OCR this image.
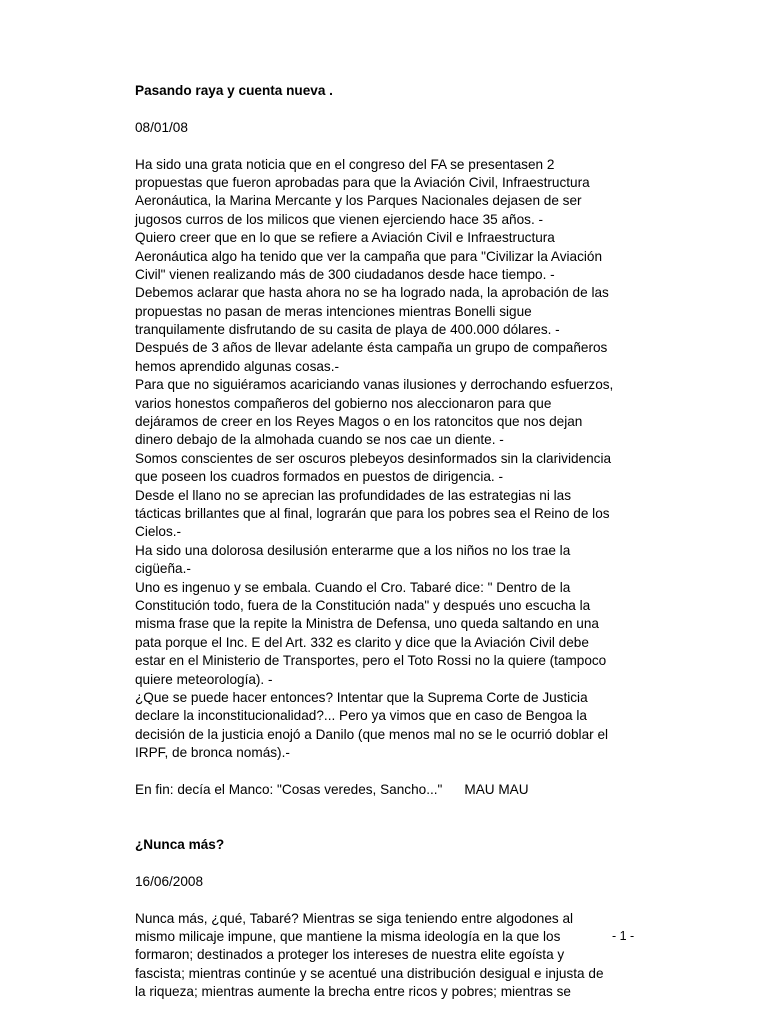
Pasando raya y cuenta nueva .
08/01/08
Ha sido una grata noticia que en el congreso del FA se presentasen 2
propuestas que fueron aprobadas para que la Aviación Civil, Infraestructura
Aeronáutica, la Marina Mercante y los Parques Nacionales dejasen de ser
jugosos curros de los milicos que vienen ejerciendo hace 35 años. -
Quiero creer que en lo que se refiere a Aviación Civil e Infraestructura
Aeronáutica algo ha tenido que ver la campaña que para "Civilizar la Aviación
Civil" vienen realizando más de 300 ciudadanos desde hace tiempo. -
Debemos aclarar que hasta ahora no se ha logrado nada, la aprobación de las
propuestas no pasan de meras intenciones mientras Bonelli sigue
tranquilamente disfrutando de su casita de playa de 400.000 dólares. -
Después de 3 años de llevar adelante ésta campaña un grupo de compañeros
hemos aprendido algunas cosas.-
Para que no siguiéramos acariciando vanas ilusiones y derrochando esfuerzos,
varios honestos compañeros del gobierno nos aleccionaron para que
dejáramos de creer en los Reyes Magos o en los ratoncitos que nos dejan
dinero debajo de la almohada cuando se nos cae un diente. -
Somos conscientes de ser oscuros plebeyos desinformados sin la clarividencia
que poseen los cuadros formados en puestos de dirigencia. -
Desde el llano no se aprecian las profundidades de las estrategias ni las
tácticas brillantes que al final, lograrán que para los pobres sea el Reino de los
Cielos.-
Ha sido una dolorosa desilusión enterarme que a los niños no los trae la
cigüeña.-
Uno es ingenuo y se embala. Cuando el Cro. Tabaré dice: " Dentro de la
Constitución todo, fuera de la Constitución nada" y después uno escucha la
misma frase que la repite la Ministra de Defensa, uno queda saltando en una
pata porque el Inc. E del Art. 332 es clarito y dice que la Aviación Civil debe
estar en el Ministerio de Transportes, pero el Toto Rossi no la quiere (tampoco
quiere meteorología). -
¿Que se puede hacer entonces? Intentar que la Suprema Corte de Justicia
declare la inconstitucionalidad?... Pero ya vimos que en caso de Bengoa la
decisión de la justicia enojó a Danilo (que menos mal no se le ocurrió doblar el
IRPF, de bronca nomás).-
En fin: decía el Manco: "Cosas veredes, Sancho..." MAU MAU
¿Nunca más?
16/06/2008
Nunca más, ¿qué, Tabaré? Mientras se siga teniendo entre algodones al
mismo milicaje impune, que mantiene la misma ideología en la que los
formaron; destinados a proteger los intereses de nuestra elite egoísta y
fascista; mientras continúe y se acentué una distribución desigual e injusta de
la riqueza; mientras aumente la brecha entre ricos y pobres; mientras se
- 1 -
